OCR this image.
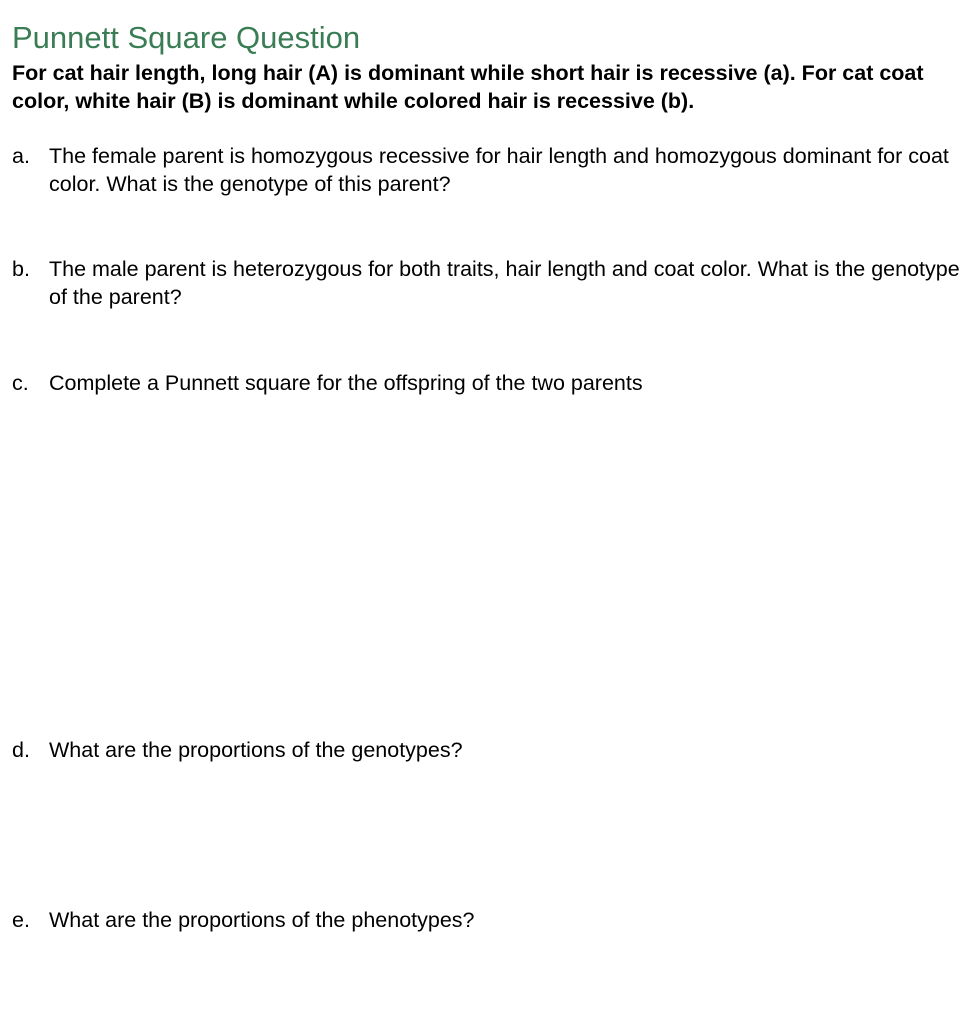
Punnett Square Question

For cat hair length, long hair (A) is dominant while short hair is recessive (a). For cat coat color, white hair (B) is dominant while colored hair is recessive (b).

a. The female parent is homozygous recessive for hair length and homozygous dominant for coat color. What is the genotype of this parent?
b. The male parent is heterozygous for both traits, hair length and coat color. What is the genotype of the parent?
c. Complete a Punnett square for the offspring of the two parents
d. What are the proportions of the genotypes?
e. What are the proportions of the phenotypes?
